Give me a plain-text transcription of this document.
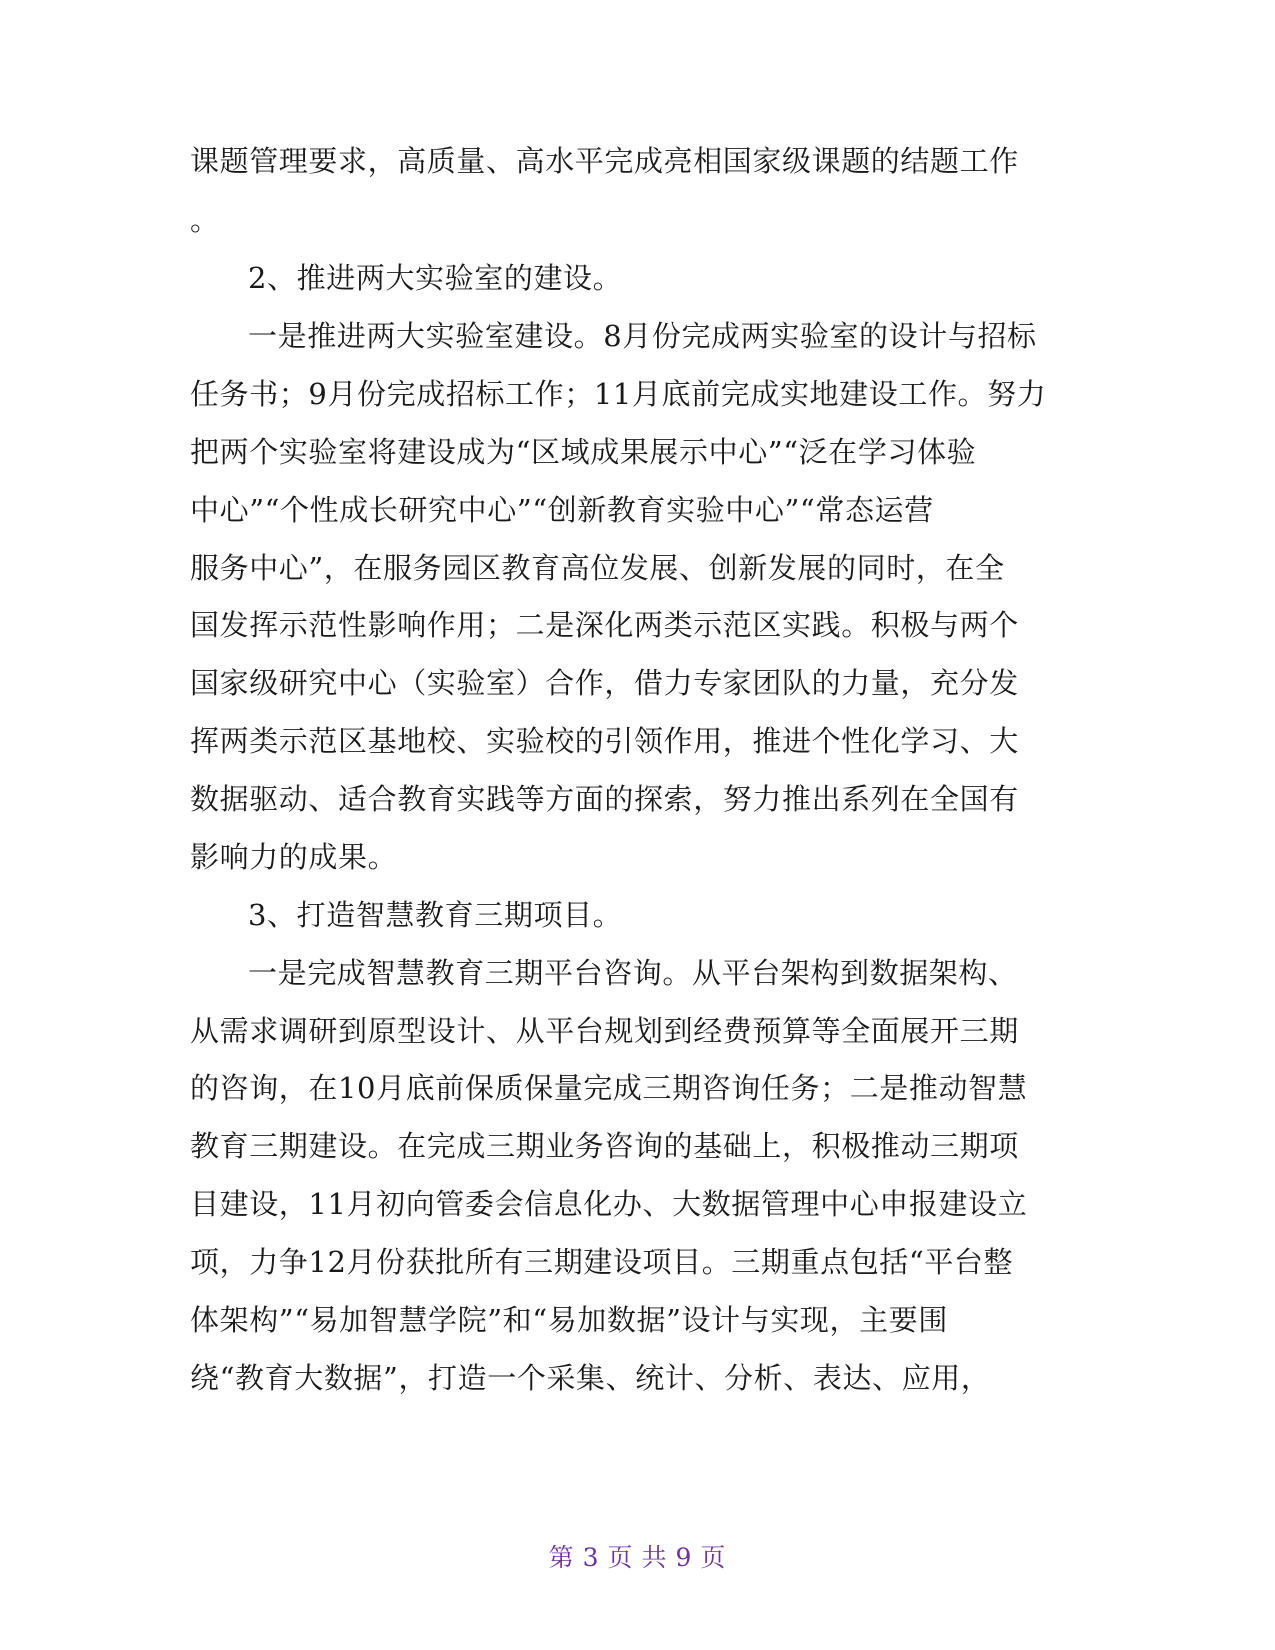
课题管理要求，高质量、高水平完成亮相国家级课题的结题工作
。
2、推进两大实验室的建设。
一是推进两大实验室建设。8月份完成两实验室的设计与招标
任务书；9月份完成招标工作；11月底前完成实地建设工作。努力
把两个实验室将建设成为“区域成果展示中心”“泛在学习体验
中心”“个性成长研究中心”“创新教育实验中心”“常态运营
服务中心”，在服务园区教育高位发展、创新发展的同时，在全
国发挥示范性影响作用；二是深化两类示范区实践。积极与两个
国家级研究中心（实验室）合作，借力专家团队的力量，充分发
挥两类示范区基地校、实验校的引领作用，推进个性化学习、大
数据驱动、适合教育实践等方面的探索，努力推出系列在全国有
影响力的成果。
3、打造智慧教育三期项目。
一是完成智慧教育三期平台咨询。从平台架构到数据架构、
从需求调研到原型设计、从平台规划到经费预算等全面展开三期
的咨询，在10月底前保质保量完成三期咨询任务；二是推动智慧
教育三期建设。在完成三期业务咨询的基础上，积极推动三期项
目建设，11月初向管委会信息化办、大数据管理中心申报建设立
项，力争12月份获批所有三期建设项目。三期重点包括“平台整
体架构”“易加智慧学院”和“易加数据”设计与实现，主要围
绕“教育大数据”，打造一个采集、统计、分析、表达、应用，
第 3 页 共 9 页
